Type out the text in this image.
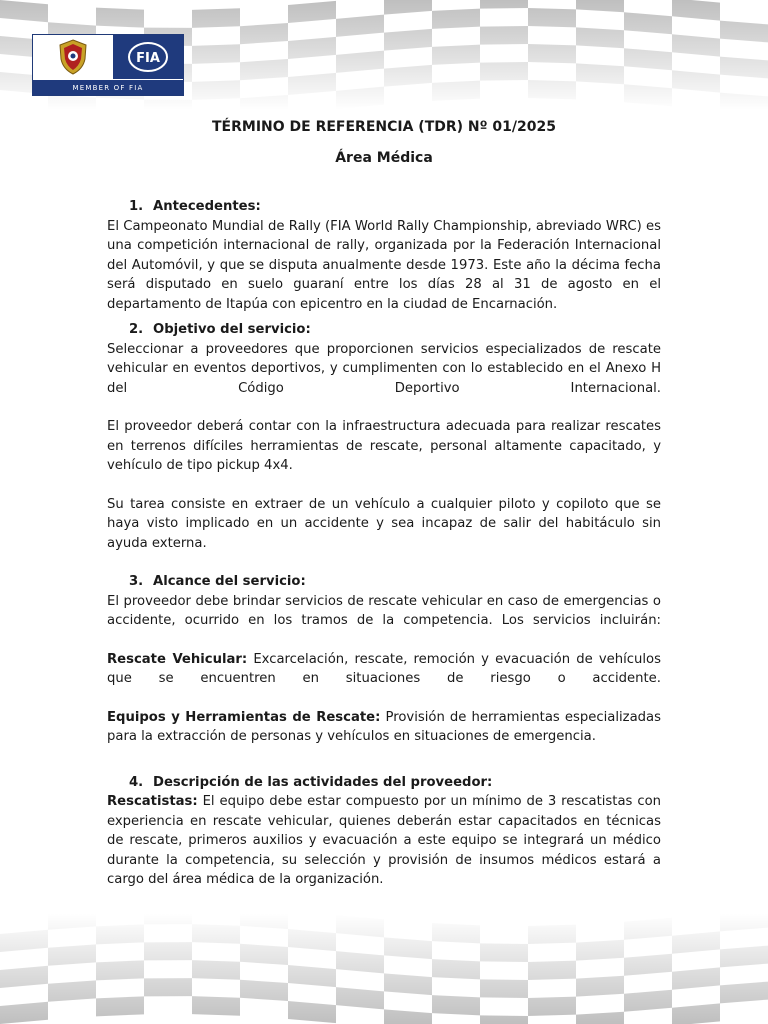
FIA
MEMBER OF FIA
TÉRMINO DE REFERENCIA (TDR) Nº 01/2025
Área Médica
1. Antecedentes:

El Campeonato Mundial de Rally (FIA World Rally Championship, abreviado WRC) es una competición internacional de rally, organizada por la Federación Internacional del Automóvil, y que se disputa anualmente desde 1973. Este año la décima fecha será disputado en suelo guaraní entre los días 28 al 31 de agosto en el departamento de Itapúa con epicentro en la ciudad de Encarnación.

2. Objetivo del servicio:

Seleccionar a proveedores que proporcionen servicios especializados de rescate vehicular en eventos deportivos, y cumplimenten con lo establecido en el Anexo H del Código Deportivo Internacional.

El proveedor deberá contar con la infraestructura adecuada para realizar rescates en terrenos difíciles herramientas de rescate, personal altamente capacitado, y vehículo de tipo pickup 4x4.

Su tarea consiste en extraer de un vehículo a cualquier piloto y copiloto que se haya visto implicado en un accidente y sea incapaz de salir del habitáculo sin ayuda externa.

3. Alcance del servicio:

El proveedor debe brindar servicios de rescate vehicular en caso de emergencias o accidente, ocurrido en los tramos de la competencia. Los servicios incluirán:

Rescate Vehicular: Excarcelación, rescate, remoción y evacuación de vehículos que se encuentren en situaciones de riesgo o accidente.

Equipos y Herramientas de Rescate: Provisión de herramientas especializadas para la extracción de personas y vehículos en situaciones de emergencia.

4. Descripción de las actividades del proveedor:

Rescatistas: El equipo debe estar compuesto por un mínimo de 3 rescatistas con experiencia en rescate vehicular, quienes deberán estar capacitados en técnicas de rescate, primeros auxilios y evacuación a este equipo se integrará un médico durante la competencia, su selección y provisión de insumos médicos estará a cargo del área médica de la organización.
